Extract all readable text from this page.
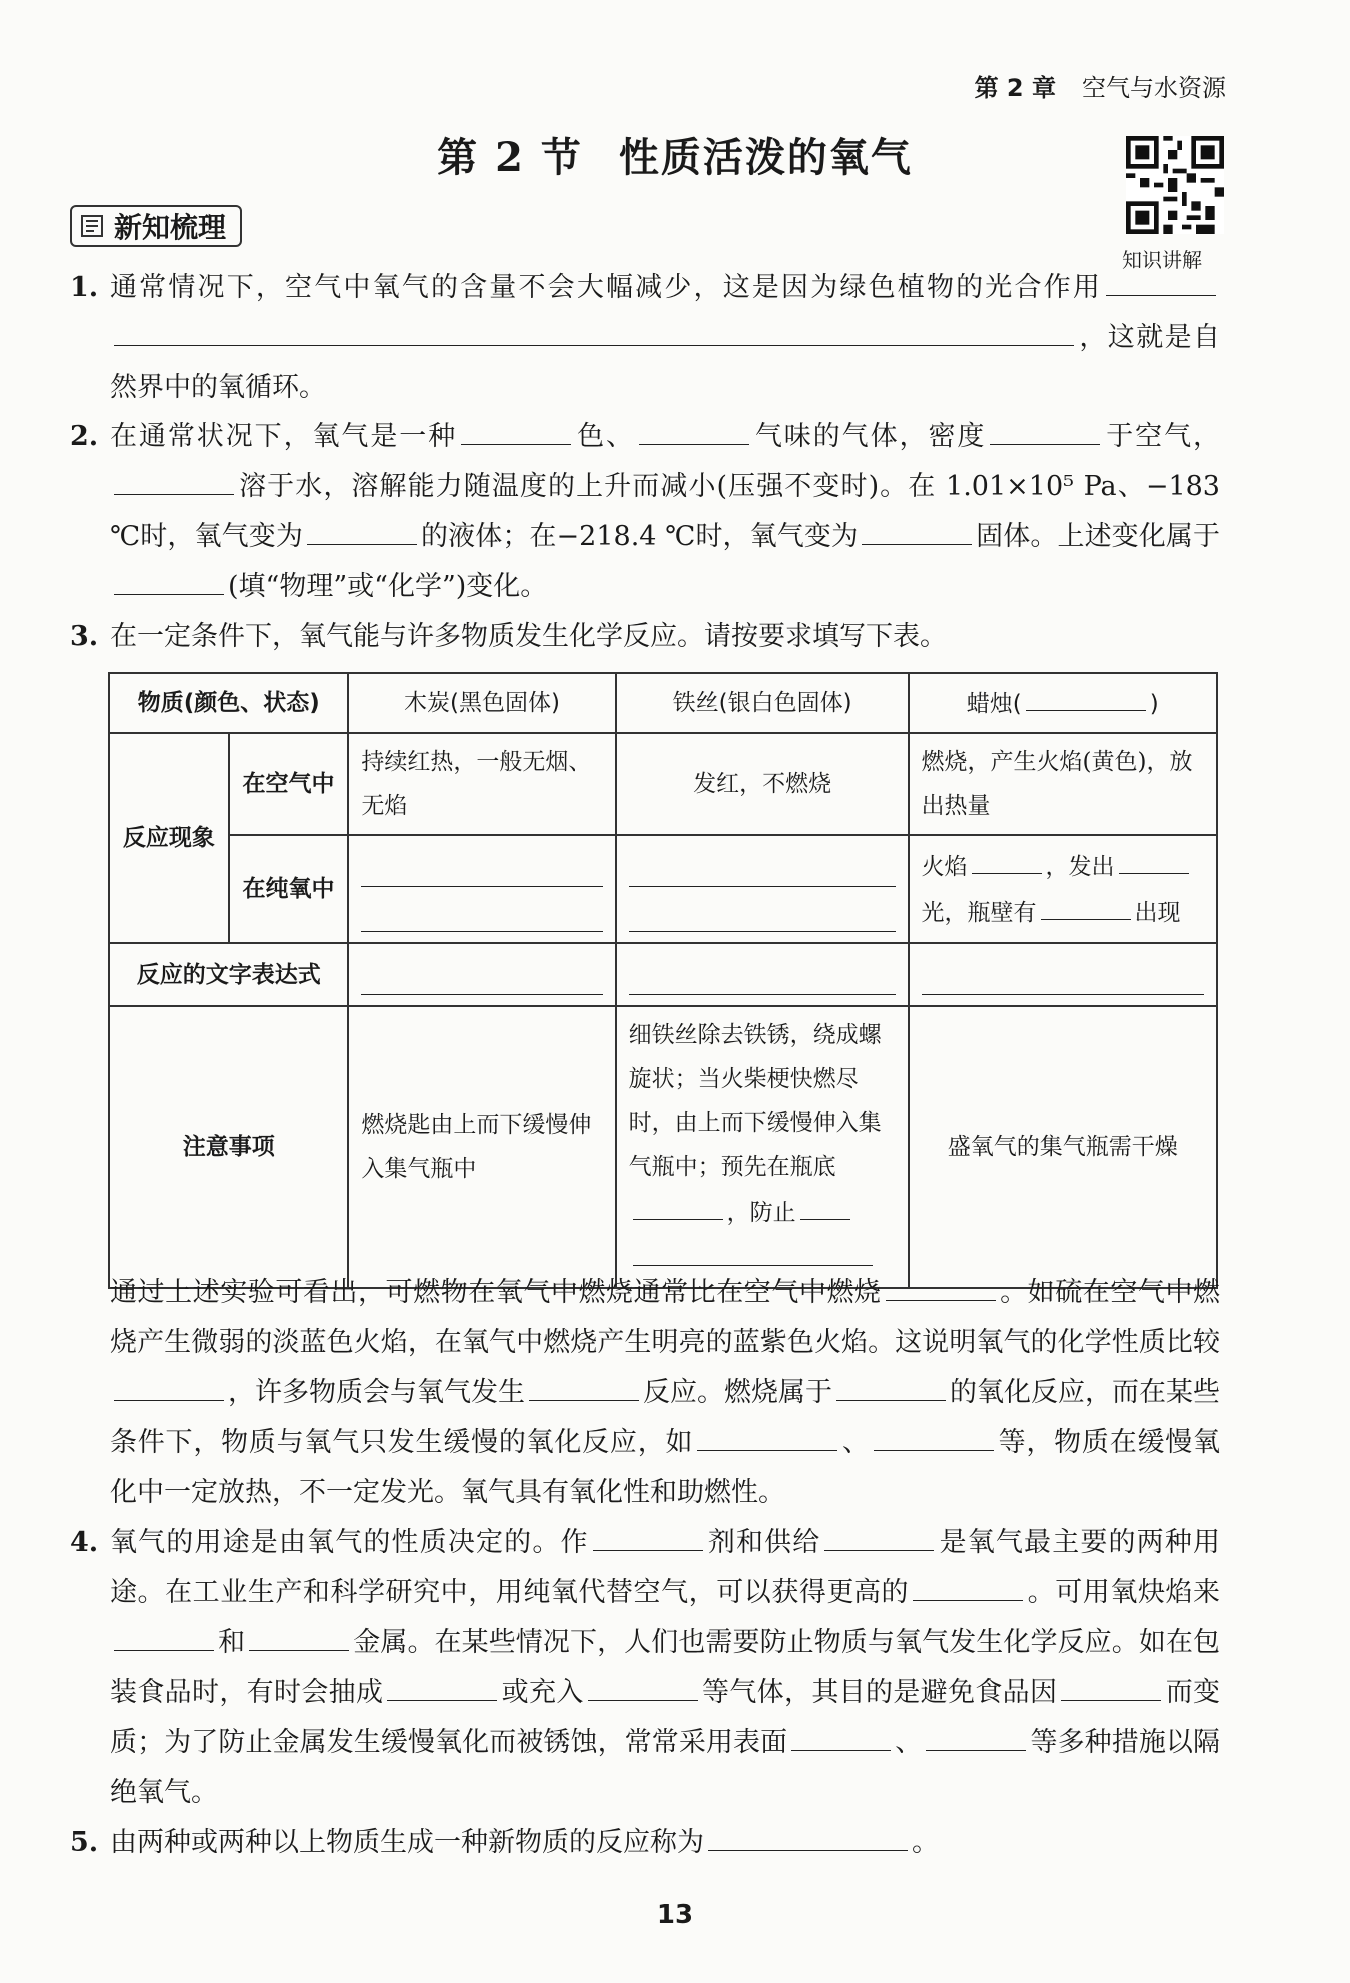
第 2 章 空气与水资源
第 2 节 性质活泼的氧气
知识讲解
新知梳理
1. 通常情况下，空气中氧气的含量不会大幅减少，这是因为绿色植物的光合作用，这就是自然界中的氧循环。
2. 在通常状况下，氧气是一种	色、	气味的气体，密度	于空气，溶于水，溶解能力随温度的上升而减小(压强不变时)。在 1.01×10⁵ Pa、−183 ℃时，氧气变为	的液体；在−218.4 ℃时，氧气变为	固体。上述变化属于(填“物理”或“化学”)变化。
3. 在一定条件下，氧气能与许多物质发生化学反应。请按要求填写下表。
物质(颜色、状态)		木炭(黑色固体)	铁丝(银白色固体)	蜡烛( )
反应现象	在空气中	持续红热，一般无烟、无焰	发红，不燃烧	燃烧，产生火焰(黄色)，放出热量
	在纯氧中			火焰 ，发出光，瓶壁有 出现
反应的文字表达式		

注意事项		燃烧匙由上而下缓慢伸入集气瓶中	细铁丝除去铁锈，绕成螺旋状；当火柴梗快燃尽时，由上而下缓慢伸入集气瓶中；预先在瓶底，防止	盛氧气的集气瓶需干燥
通过上述实验可看出，可燃物在氧气中燃烧通常比在空气中燃烧	。如硫在空气中燃烧产生微弱的淡蓝色火焰，在氧气中燃烧产生明亮的蓝紫色火焰。这说明氧气的化学性质比较，许多物质会与氧气发生	反应。燃烧属于	的氧化反应，而在某些条件下，物质与氧气只发生缓慢的氧化反应，如	、	等，物质在缓慢氧化中一定放热，不一定发光。氧气具有氧化性和助燃性。
4. 氧气的用途是由氧气的性质决定的。作	剂和供给	是氧气最主要的两种用途。在工业生产和科学研究中，用纯氧代替空气，可以获得更高的	。可用氧炔焰来和	金属。在某些情况下，人们也需要防止物质与氧气发生化学反应。如在包装食品时，有时会抽成	或充入	等气体，其目的是避免食品因	而变质；为了防止金属发生缓慢氧化而被锈蚀，常常采用表面	、	等多种措施以隔绝氧气。
5. 由两种或两种以上物质生成一种新物质的反应称为	。
13
